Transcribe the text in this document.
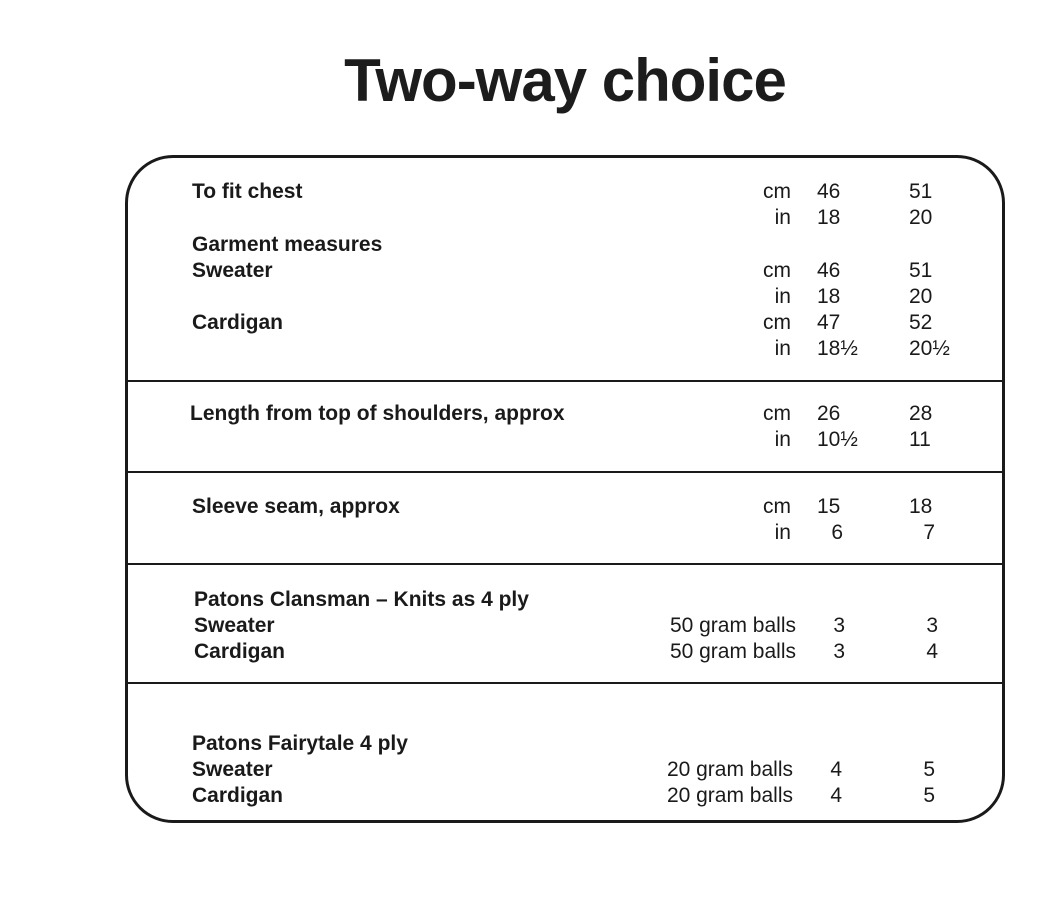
Two-way choice
To fit chest	cm 46	51
in 18	20
Garment measures
Sweater	cm 46	51
in 18	20
Cardigan	cm 47	52
in 18½ 20½
Length from top of shoulders, approx	cm 26	28
in 10½ 11
Sleeve seam, approx	cm 15	18
in	6	7
Patons Clansman – Knits as 4 ply
Sweater	50 gram balls	3	3
Cardigan	50 gram balls	3	4
Patons Fairytale 4 ply
Sweater	20 gram balls	4	5
Cardigan	20 gram balls	4	5
